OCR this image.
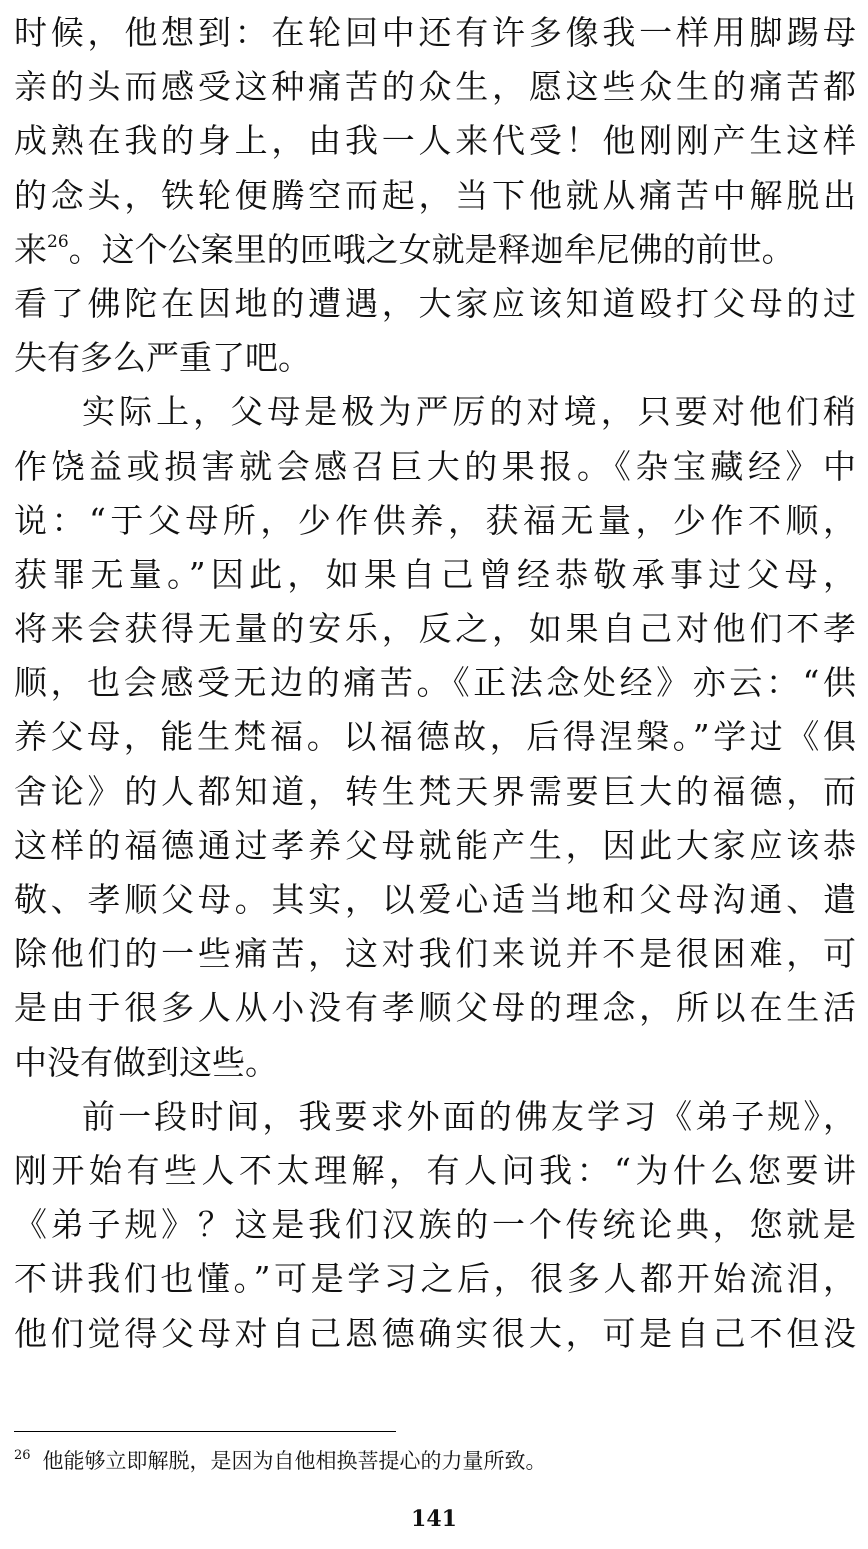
时候，他想到：在轮回中还有许多像我一样用脚踢母
亲的头而感受这种痛苦的众生，愿这些众生的痛苦都
成熟在我的身上，由我一人来代受！他刚刚产生这样
的念头，铁轮便腾空而起，当下他就从痛苦中解脱出
来$^{26}$。这个公案里的匝哦之女就是释迦牟尼佛的前世。
看了佛陀在因地的遭遇，大家应该知道殴打父母的过
失有多么严重了吧。
实际上，父母是极为严厉的对境，只要对他们稍
作饶益或损害就会感召巨大的果报。《杂宝藏经》中
说：“于父母所，少作供养，获福无量，少作不顺，
获罪无量。”因此，如果自己曾经恭敬承事过父母，
将来会获得无量的安乐，反之，如果自己对他们不孝
顺，也会感受无边的痛苦。《正法念处经》亦云：“供
养父母，能生梵福。以福德故，后得涅槃。”学过《俱
舍论》的人都知道，转生梵天界需要巨大的福德，而
这样的福德通过孝养父母就能产生，因此大家应该恭
敬、孝顺父母。其实，以爱心适当地和父母沟通、遣
除他们的一些痛苦，这对我们来说并不是很困难，可
是由于很多人从小没有孝顺父母的理念，所以在生活
中没有做到这些。
前一段时间，我要求外面的佛友学习《弟子规》，
刚开始有些人不太理解，有人问我：“为什么您要讲
《弟子规》？这是我们汉族的一个传统论典，您就是
不讲我们也懂。”可是学习之后，很多人都开始流泪，
他们觉得父母对自己恩德确实很大，可是自己不但没
$^{26}$ 他能够立即解脱，是因为自他相换菩提心的力量所致。
141
